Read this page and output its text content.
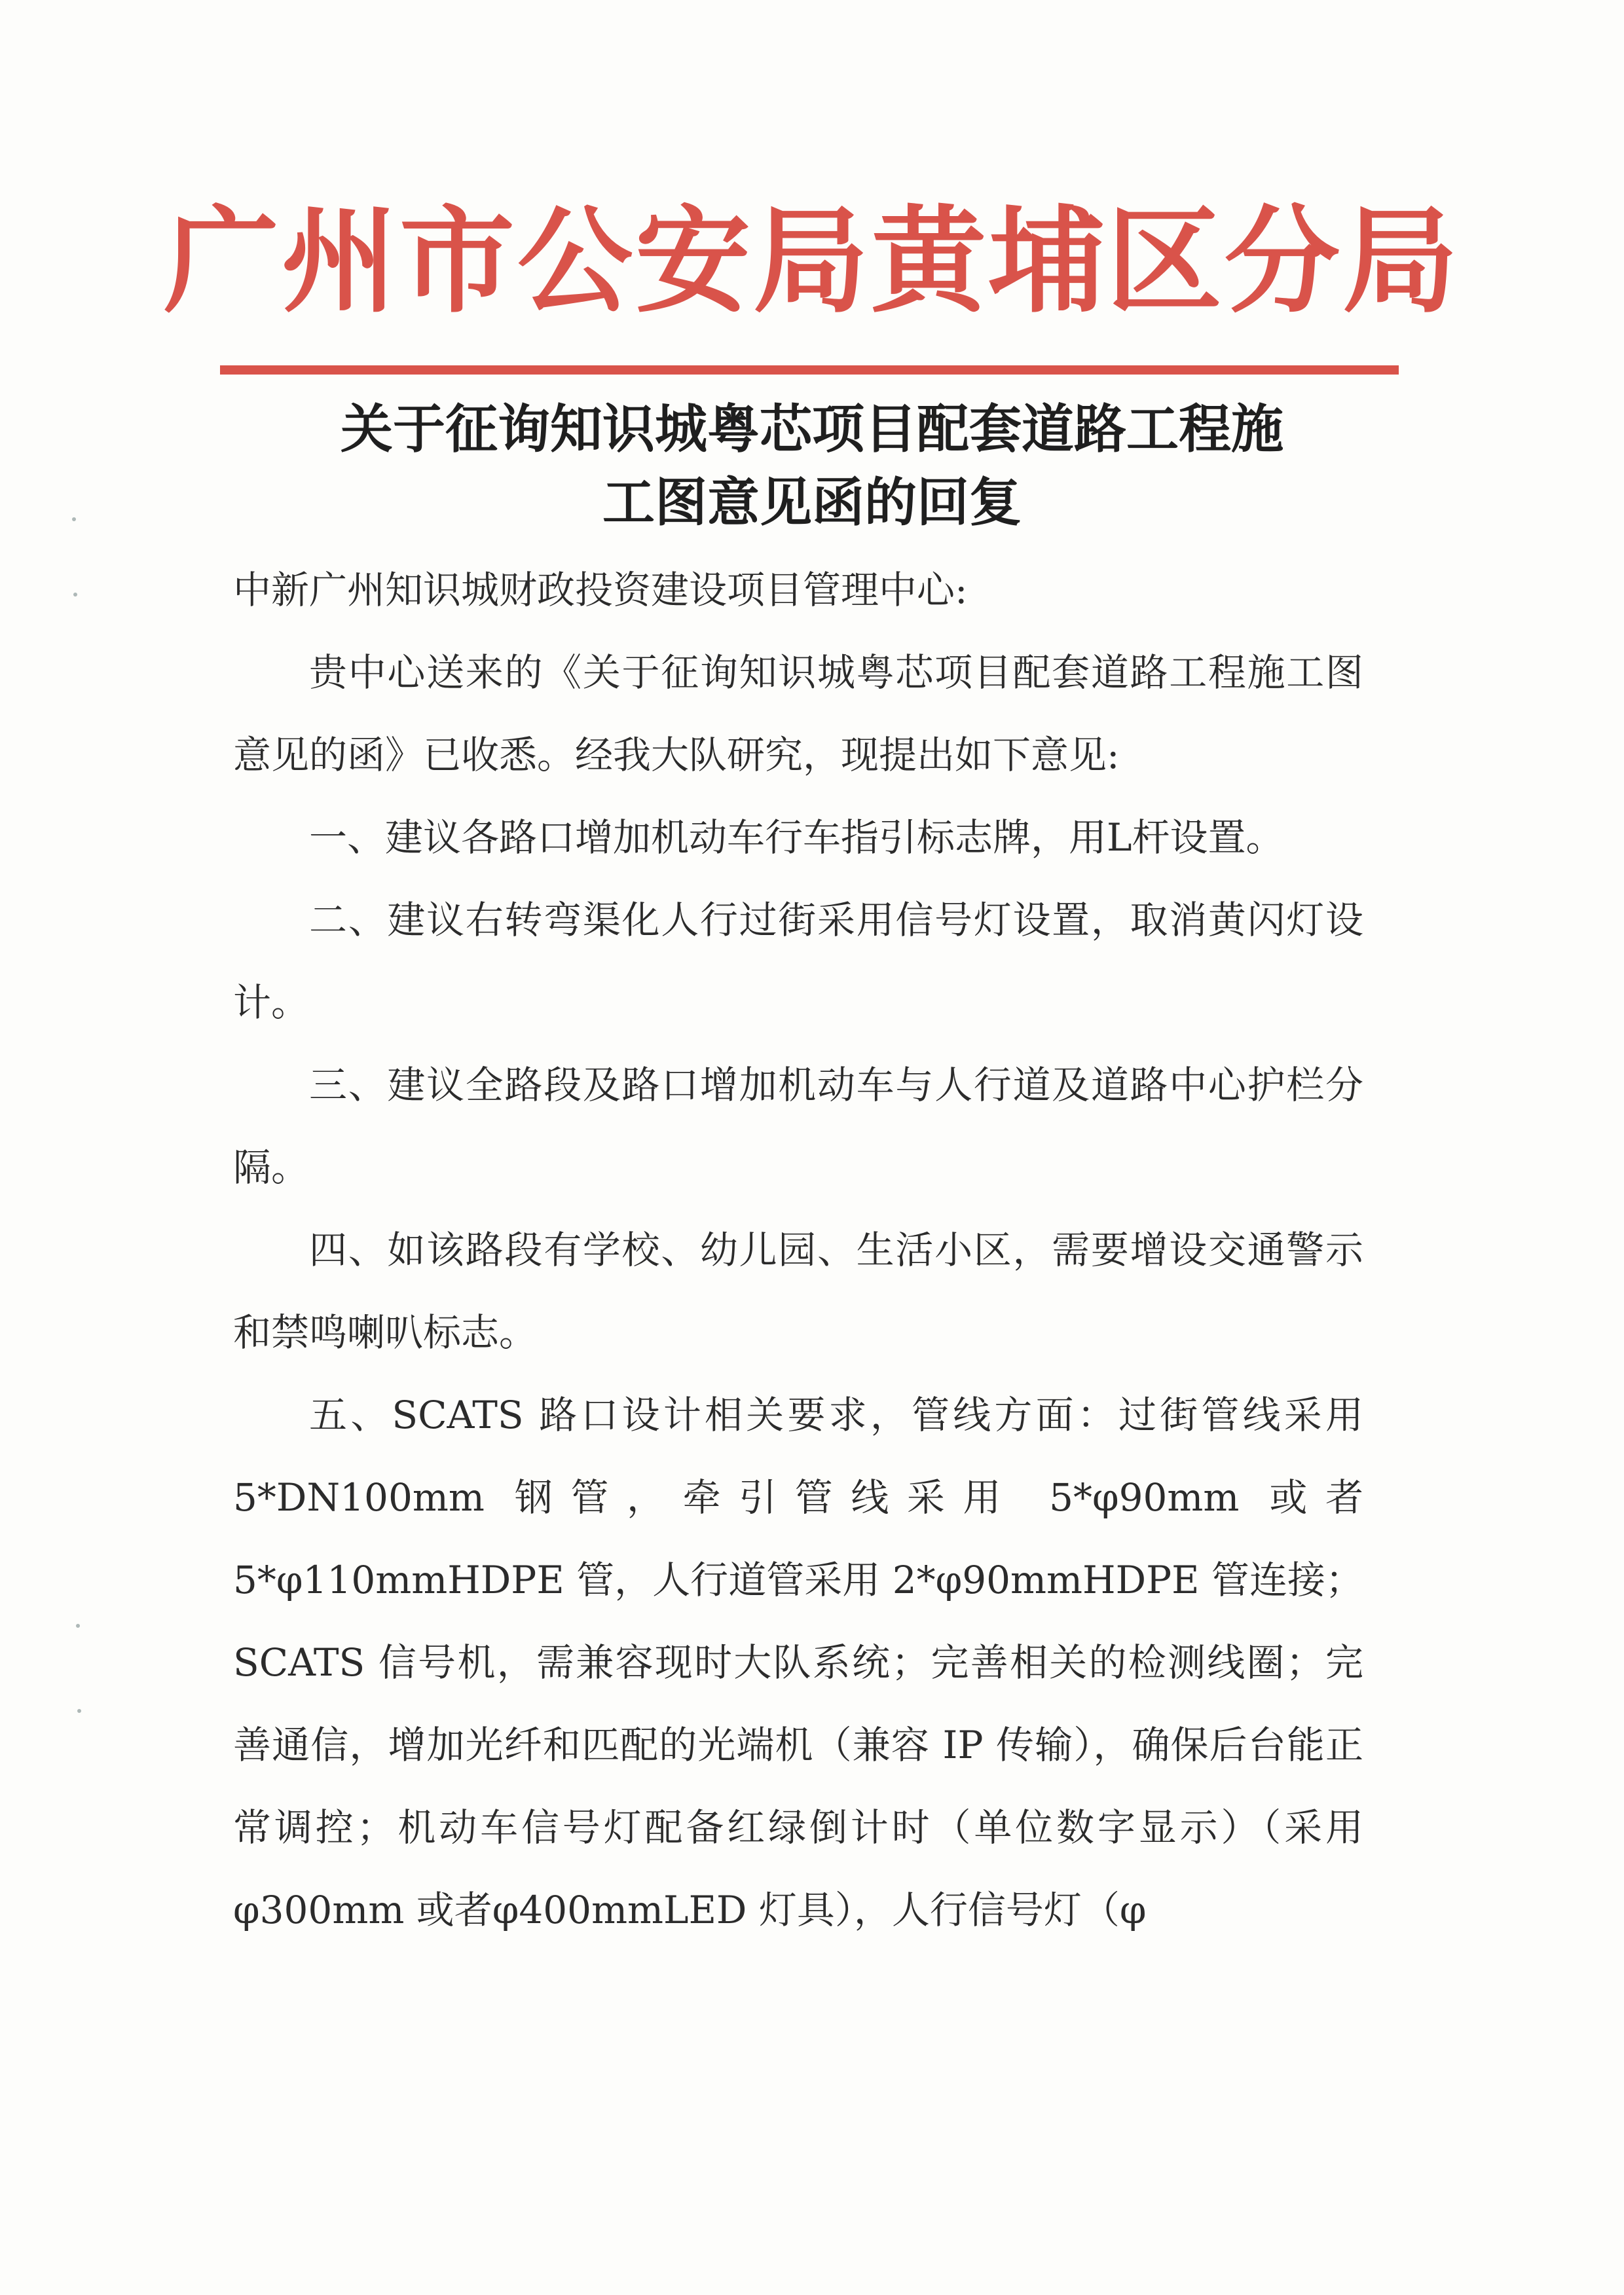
广州市公安局黄埔区分局
关于征询知识城粤芯项目配套道路工程施
工图意见函的回复

中新广州知识城财政投资建设项目管理中心:

贵中心送来的《关于征询知识城粤芯项目配套道路工程施工图意见的函》已收悉。经我大队研究，现提出如下意见:

一、建议各路口增加机动车行车指引标志牌，用L杆设置。

二、建议右转弯渠化人行过街采用信号灯设置，取消黄闪灯设计。

三、建议全路段及路口增加机动车与人行道及道路中心护栏分隔。

四、如该路段有学校、幼儿园、生活小区，需要增设交通警示和禁鸣喇叭标志。

五、SCATS 路口设计相关要求，管线方面：过街管线采用 5*DN100mm 钢管，牵引管线采用 5*φ90mm 或者 5*φ110mmHDPE 管，人行道管采用 2*φ90mmHDPE 管连接；SCATS 信号机，需兼容现时大队系统；完善相关的检测线圈；完善通信，增加光纤和匹配的光端机（兼容 IP 传输），确保后台能正常调控；机动车信号灯配备红绿倒计时（单位数字显示）（采用φ300mm 或者φ400mmLED 灯具），人行信号灯（φ
